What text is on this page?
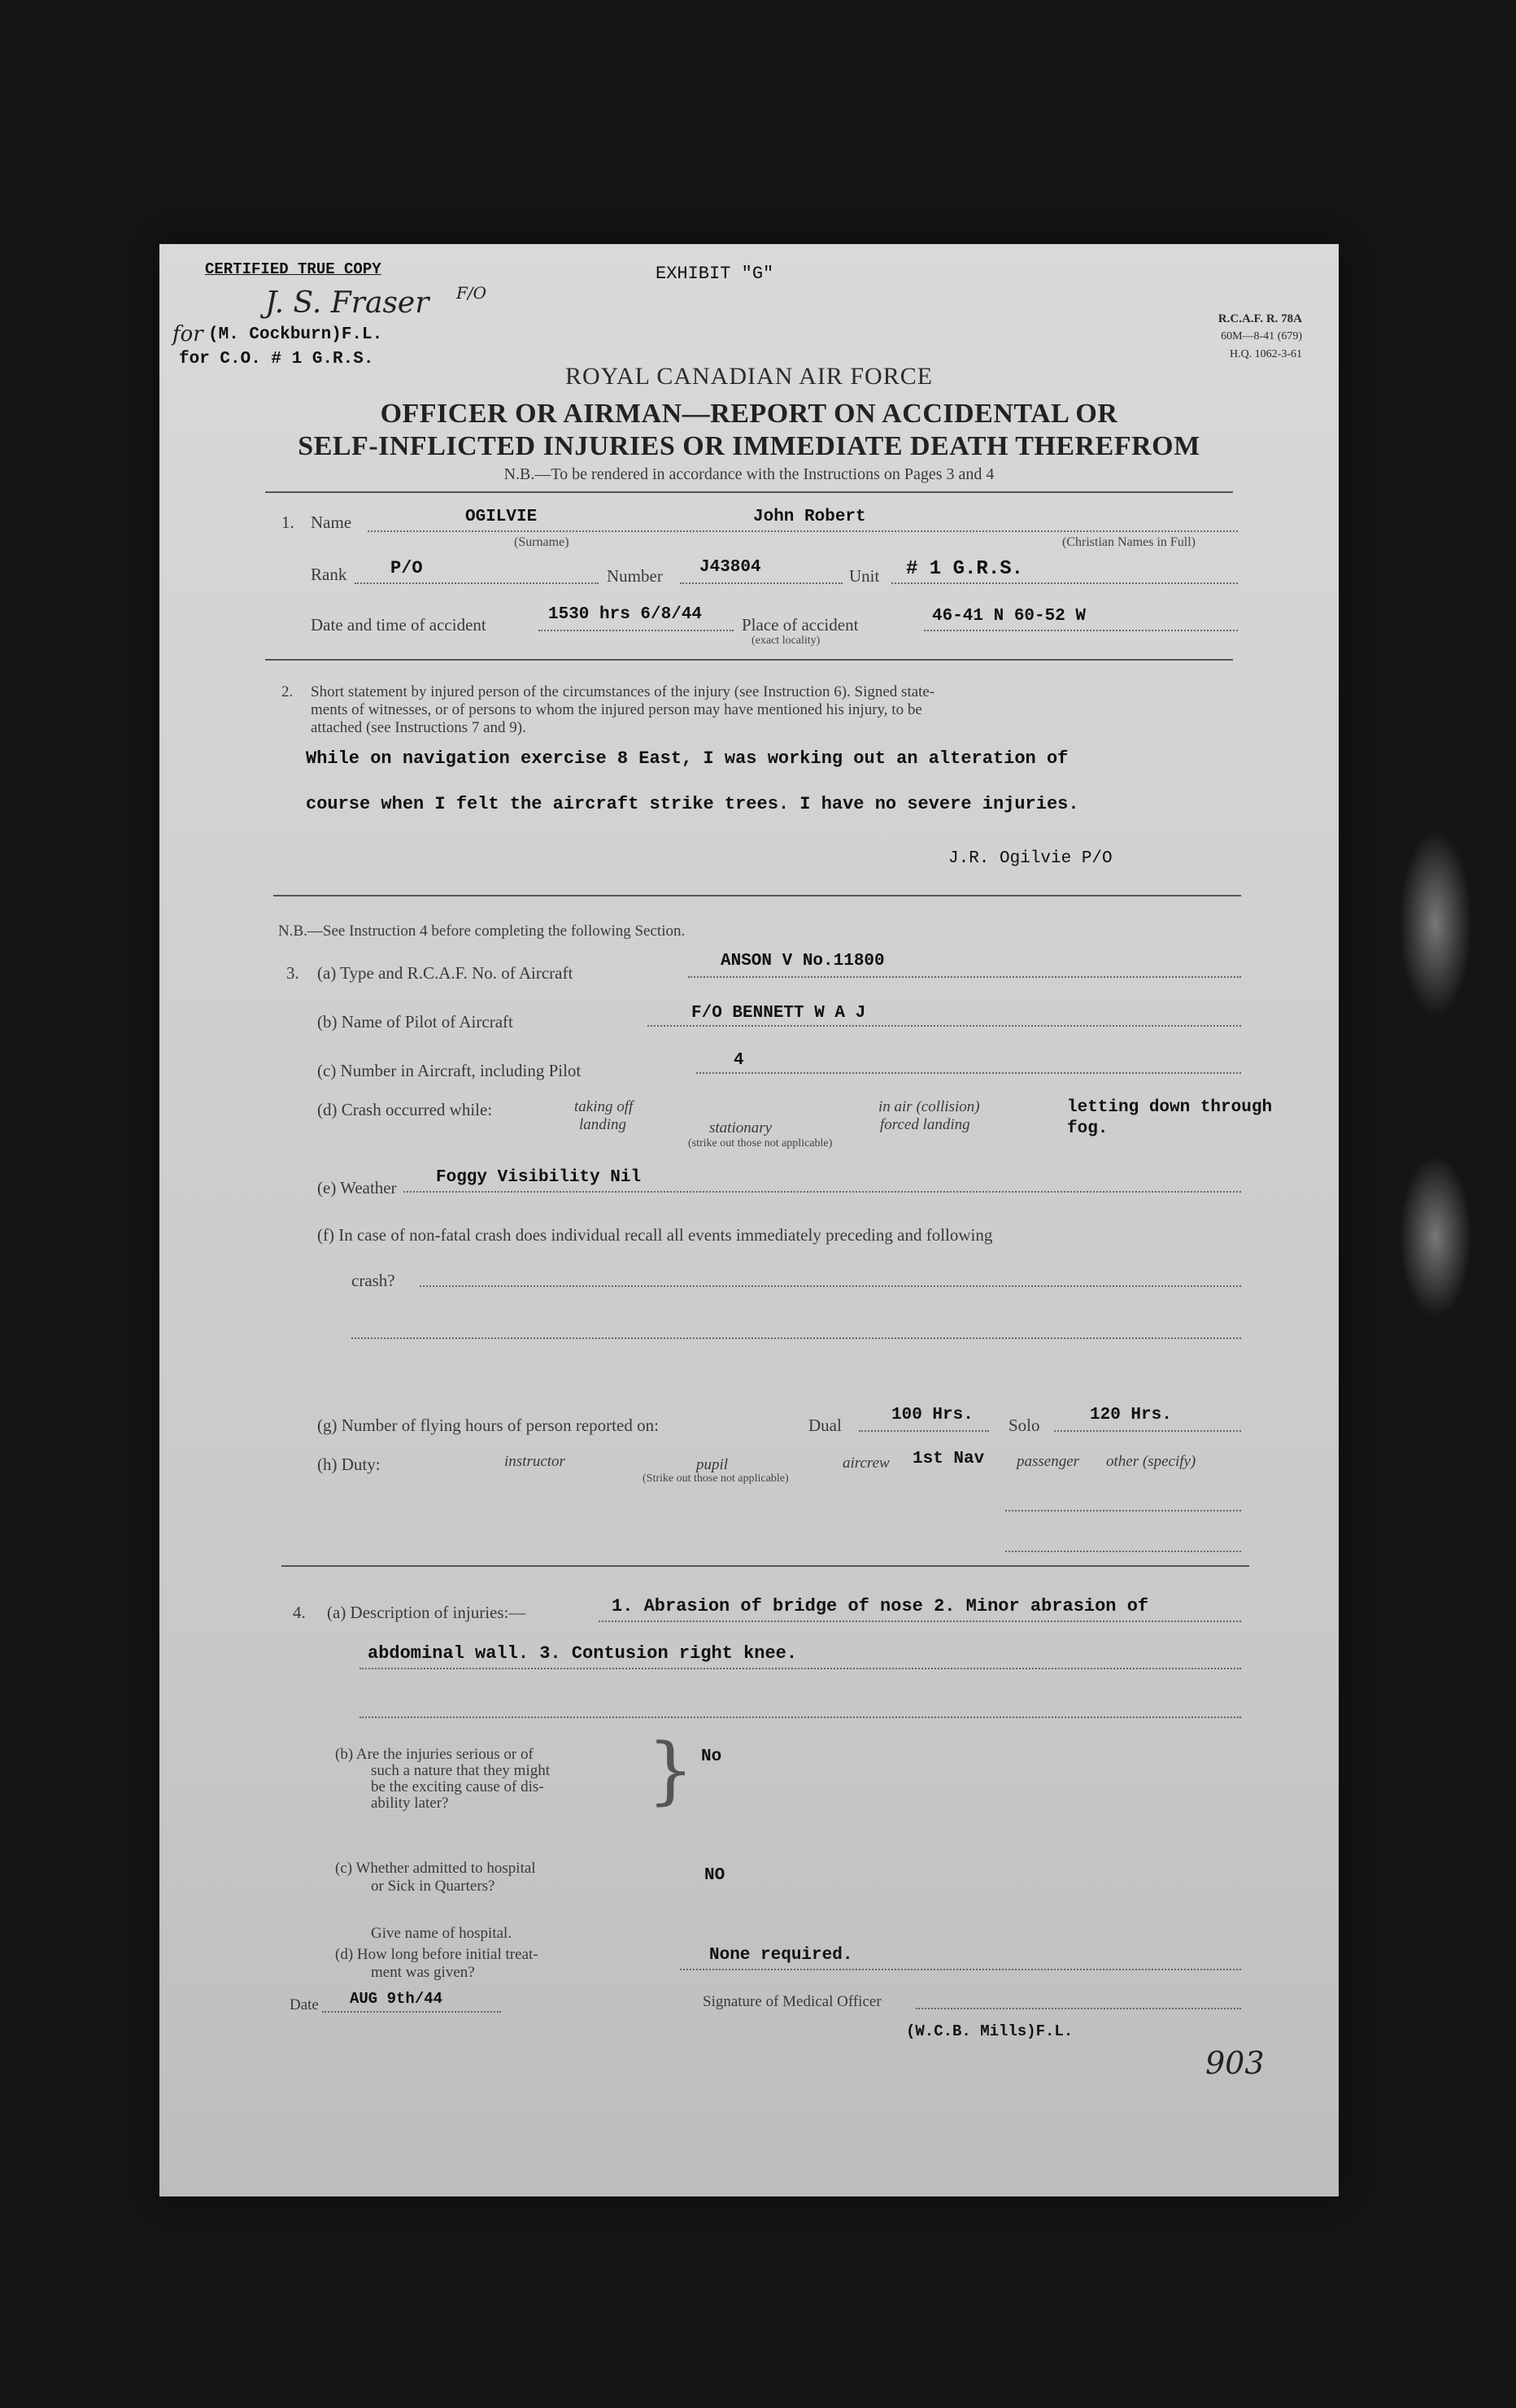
CERTIFIED TRUE COPY
J. S. Fraser F/O
for (M. Cockburn)F.L.
for C.O. # 1 G.R.S.
EXHIBIT "G"
R.C.A.F. R. 78A
60M—8-41 (679)
H.Q. 1062-3-61
ROYAL CANADIAN AIR FORCE
OFFICER OR AIRMAN—REPORT ON ACCIDENTAL OR
SELF-INFLICTED INJURIES OR IMMEDIATE DEATH THEREFROM
N.B.—To be rendered in accordance with the Instructions on Pages 3 and 4
1. Name	OGILVIE	John Robert
(Surname)	(Christian Names in Full)
Rank P/O	Number J43804	Unit # 1 G.R.S.
Date and time of accident
1530 hrs 6/8/44
Place of accident
(exact locality)
46-41 N 60-52 W
2. Short statement by injured person of the circumstances of the injury (see Instruction 6). Signed state-
ments of witnesses, or of persons to whom the injured person may have mentioned his injury, to be
attached (see Instructions 7 and 9).
While on navigation exercise 8 East, I was working out an alteration of
course when I felt the aircraft strike trees. I have no severe injuries.
J.R. Ogilvie P/O
N.B.—See Instruction 4 before completing the following Section.
3. (a) Type and R.C.A.F. No. of Aircraft
ANSON V No.11800
(b) Name of Pilot of Aircraft	F/O BENNETT W A J
(c) Number in Aircraft, including Pilot
4
(d) Crash occurred while:	taking off
landing	stationary
(strike out those not applicable)
in air (collision)
forced landing
letting down through
fog.
(e) Weather
Foggy Visibility Nil
(f) In case of non-fatal crash does individual recall all events immediately preceding and following
crash?
(g) Number of flying hours of person reported on:	Dual
100 Hrs.
Solo
120 Hrs.
(h) Duty:	instructor	pupil
(Strike out those not applicable)
aircrew 1st Nav passenger other (specify)
4. (a) Description of injuries:—	1. Abrasion of bridge of nose 2. Minor abrasion of
abdominal wall. 3. Contusion right knee.
(b) Are the injuries serious or of
such a nature that they might
be the exciting cause of dis-
ability later?	} No
(c) Whether admitted to hospital
or Sick in Quarters?
NO
Give name of hospital.
(d) How long before initial treat-
ment was given?
None required.
Date AUG 9th/44	Signature of Medical Officer
(W.C.B. Mills)F.L.
903
